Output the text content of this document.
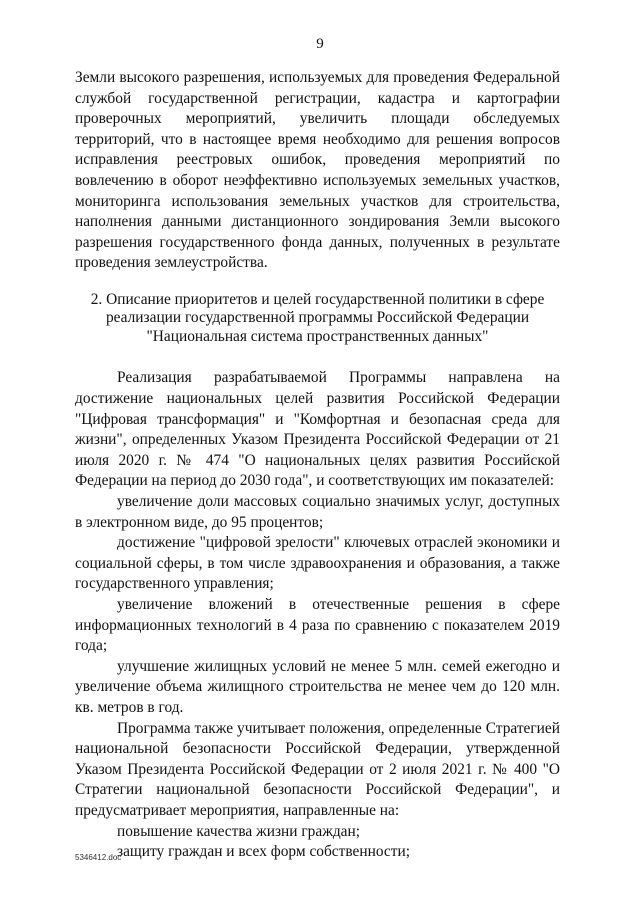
9

Земли высокого разрешения, используемых для проведения Федеральной службой государственной регистрации, кадастра и картографии проверочных мероприятий, увеличить площади обследуемых территорий, что в настоящее время необходимо для решения вопросов исправления реестровых ошибок, проведения мероприятий по вовлечению в оборот неэффективно используемых земельных участков, мониторинга использования земельных участков для строительства, наполнения данными дистанционного зондирования Земли высокого разрешения государственного фонда данных, полученных в результате проведения землеустройства.

2. Описание приоритетов и целей государственной политики в сфере

реализации государственной программы Российской Федерации

"Национальная система пространственных данных"

Реализация разрабатываемой Программы направлена на достижение национальных целей развития Российской Федерации "Цифровая трансформация" и "Комфортная и безопасная среда для жизни", определенных Указом Президента Российской Федерации от 21 июля 2020 г. № 474 "О национальных целях развития Российской Федерации на период до 2030 года", и соответствующих им показателей:

увеличение доли массовых социально значимых услуг, доступных в электронном виде, до 95 процентов;

достижение "цифровой зрелости" ключевых отраслей экономики и социальной сферы, в том числе здравоохранения и образования, а также государственного управления;

увеличение вложений в отечественные решения в сфере информационных технологий в 4 раза по сравнению с показателем 2019 года;

улучшение жилищных условий не менее 5 млн. семей ежегодно и увеличение объема жилищного строительства не менее чем до 120 млн. кв. метров в год.

Программа также учитывает положения, определенные Стратегией национальной безопасности Российской Федерации, утвержденной Указом Президента Российской Федерации от 2 июля 2021 г. № 400 "О Стратегии национальной безопасности Российской Федерации", и предусматривает мероприятия, направленные на:

повышение качества жизни граждан;

защиту граждан и всех форм собственности;

5346412.doc
